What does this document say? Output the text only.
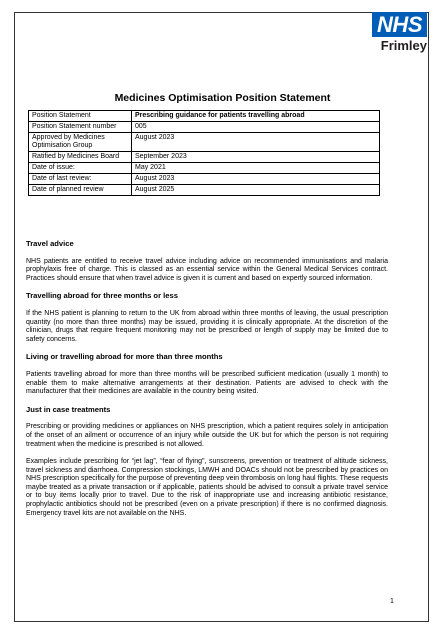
NHS
Frimley
Medicines Optimisation Position Statement
Position Statement	Prescribing guidance for patients travelling abroad
Position Statement number	005
Approved by Medicines Optimisation Group	August 2023
Ratified by Medicines Board	September 2023
Date of issue:	May 2021
Date of last review:	August 2023
Date of planned review	August 2025
Travel advice

NHS patients are entitled to receive travel advice including advice on recommended immunisations and malaria prophylaxis free of charge. This is classed as an essential service within the General Medical Services contract. Practices should ensure that when travel advice is given it is current and based on expertly sourced information.

Travelling abroad for three months or less

If the NHS patient is planning to return to the UK from abroad within three months of leaving, the usual prescription quantity (no more than three months) may be issued, providing it is clinically appropriate. At the discretion of the clinician, drugs that require frequent monitoring may not be prescribed or length of supply may be limited due to safety concerns.

Living or travelling abroad for more than three months

Patients travelling abroad for more than three months will be prescribed sufficient medication (usually 1 month) to enable them to make alternative arrangements at their destination. Patients are advised to check with the manufacturer that their medicines are available in the country being visited.

Just in case treatments

Prescribing or providing medicines or appliances on NHS prescription, which a patient requires solely in anticipation of the onset of an ailment or occurrence of an injury while outside the UK but for which the person is not requiring treatment when the medicine is prescribed is not allowed.

Examples include prescribing for “jet lag”, “fear of flying”, sunscreens, prevention or treatment of altitude sickness, travel sickness and diarrhoea. Compression stockings, LMWH and DOACs should not be prescribed by practices on NHS prescription specifically for the purpose of preventing deep vein thrombosis on long haul flights. These requests maybe treated as a private transaction or if applicable, patients should be advised to consult a private travel service or to buy items locally prior to travel. Due to the risk of inappropriate use and increasing antibiotic resistance, prophylactic antibiotics should not be prescribed (even on a private prescription) if there is no confirmed diagnosis. Emergency travel kits are not available on the NHS.

1
